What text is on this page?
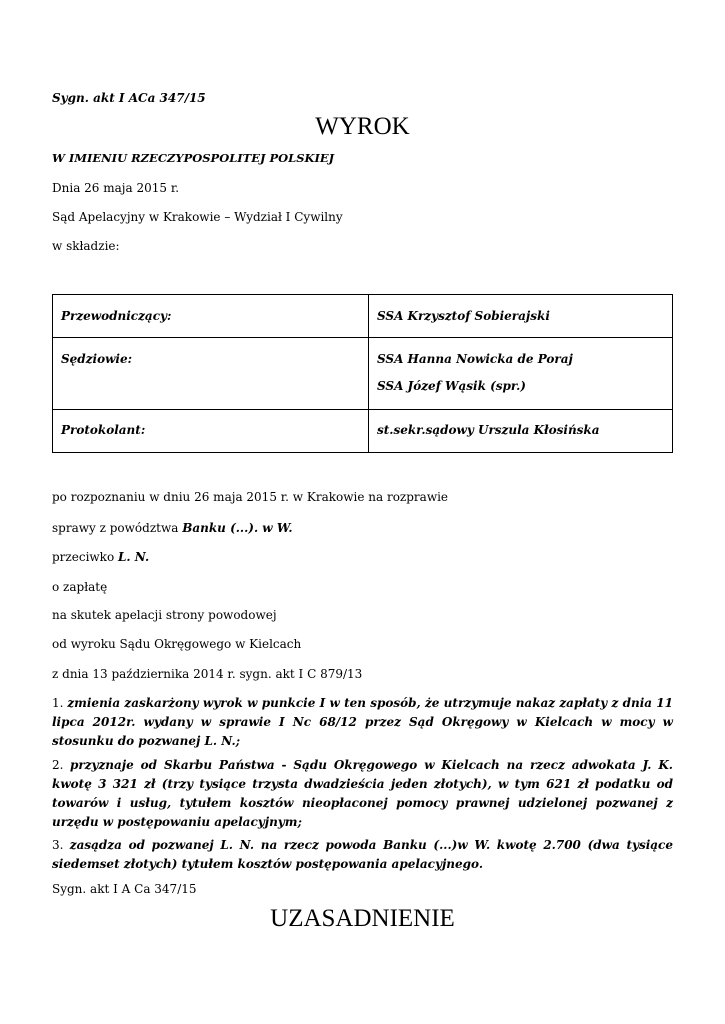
Sygn. akt I ACa 347/15
WYROK
W IMIENIU RZECZYPOSPOLITEJ POLSKIEJ
Dnia 26 maja 2015 r.
Sąd Apelacyjny w Krakowie – Wydział I Cywilny
w składzie:
Przewodniczący:	SSA Krzysztof Sobierajski
Sędziowie:	SSA Hanna Nowicka de Poraj
SSA Józef Wąsik (spr.)

Protokolant:	st.sekr.sądowy Urszula Kłosińska
po rozpoznaniu w dniu 26 maja 2015 r. w Krakowie na rozprawie
sprawy z powództwa Banku (...). w W.
przeciwko L. N.
o zapłatę
na skutek apelacji strony powodowej
od wyroku Sądu Okręgowego w Kielcach
z dnia 13 października 2014 r. sygn. akt I C 879/13
1. zmienia zaskarżony wyrok w punkcie I w ten sposób, że utrzymuje nakaz zapłaty z dnia 11 lipca 2012r. wydany w sprawie I Nc 68/12 przez Sąd Okręgowy w Kielcach w mocy w stosunku do pozwanej L. N.;
2. przyznaje od Skarbu Państwa - Sądu Okręgowego w Kielcach na rzecz adwokata J. K. kwotę 3 321 zł (trzy tysiące trzysta dwadzieścia jeden złotych), w tym 621 zł podatku od towarów i usług, tytułem kosztów nieopłaconej pomocy prawnej udzielonej pozwanej z urzędu w postępowaniu apelacyjnym;
3. zasądza od pozwanej L. N. na rzecz powoda Banku (...)w W. kwotę 2.700 (dwa tysiące siedemset złotych) tytułem kosztów postępowania apelacyjnego.
Sygn. akt I A Ca 347/15
UZASADNIENIE
